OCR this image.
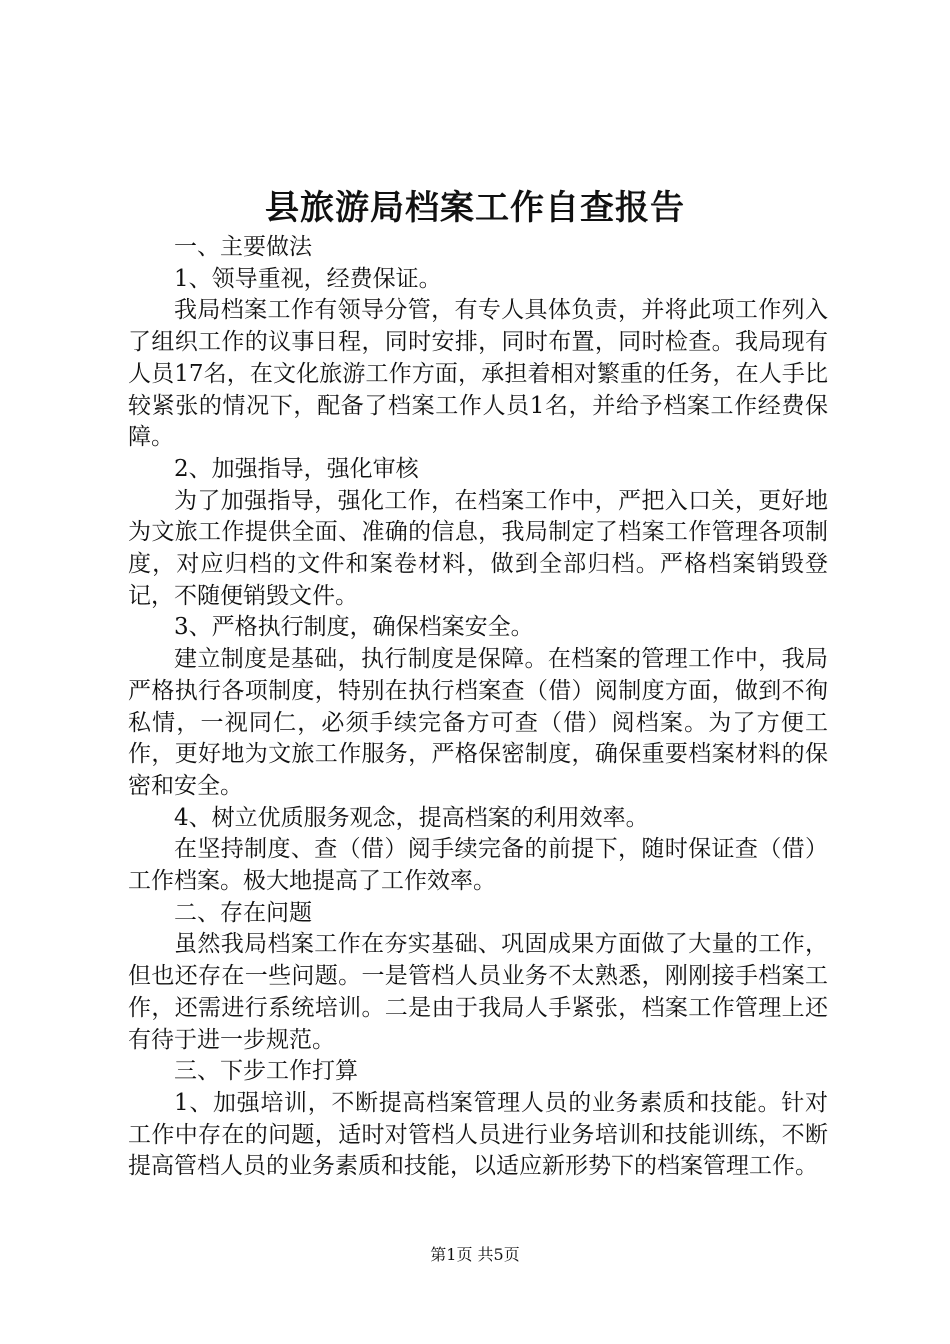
县旅游局档案工作自查报告

一、主要做法

1、领导重视，经费保证。

我局档案工作有领导分管，有专人具体负责，并将此项工作列入了组织工作的议事日程，同时安排，同时布置，同时检查。我局现有人员17名，在文化旅游工作方面，承担着相对繁重的任务，在人手比较紧张的情况下，配备了档案工作人员1名，并给予档案工作经费保障。

2、加强指导，强化审核

为了加强指导，强化工作，在档案工作中，严把入口关，更好地为文旅工作提供全面、准确的信息，我局制定了档案工作管理各项制度，对应归档的文件和案卷材料，做到全部归档。严格档案销毁登记，不随便销毁文件。

3、严格执行制度，确保档案安全。

建立制度是基础，执行制度是保障。在档案的管理工作中，我局严格执行各项制度，特别在执行档案查（借）阅制度方面，做到不徇私情，一视同仁，必须手续完备方可查（借）阅档案。为了方便工作，更好地为文旅工作服务，严格保密制度，确保重要档案材料的保密和安全。

4、树立优质服务观念，提高档案的利用效率。

在坚持制度、查（借）阅手续完备的前提下，随时保证查（借）工作档案。极大地提高了工作效率。

二、存在问题

虽然我局档案工作在夯实基础、巩固成果方面做了大量的工作，但也还存在一些问题。一是管档人员业务不太熟悉，刚刚接手档案工作，还需进行系统培训。二是由于我局人手紧张，档案工作管理上还有待于进一步规范。

三、下步工作打算

1、加强培训，不断提高档案管理人员的业务素质和技能。针对工作中存在的问题，适时对管档人员进行业务培训和技能训练，不断提高管档人员的业务素质和技能，以适应新形势下的档案管理工作。

第1页 共5页
